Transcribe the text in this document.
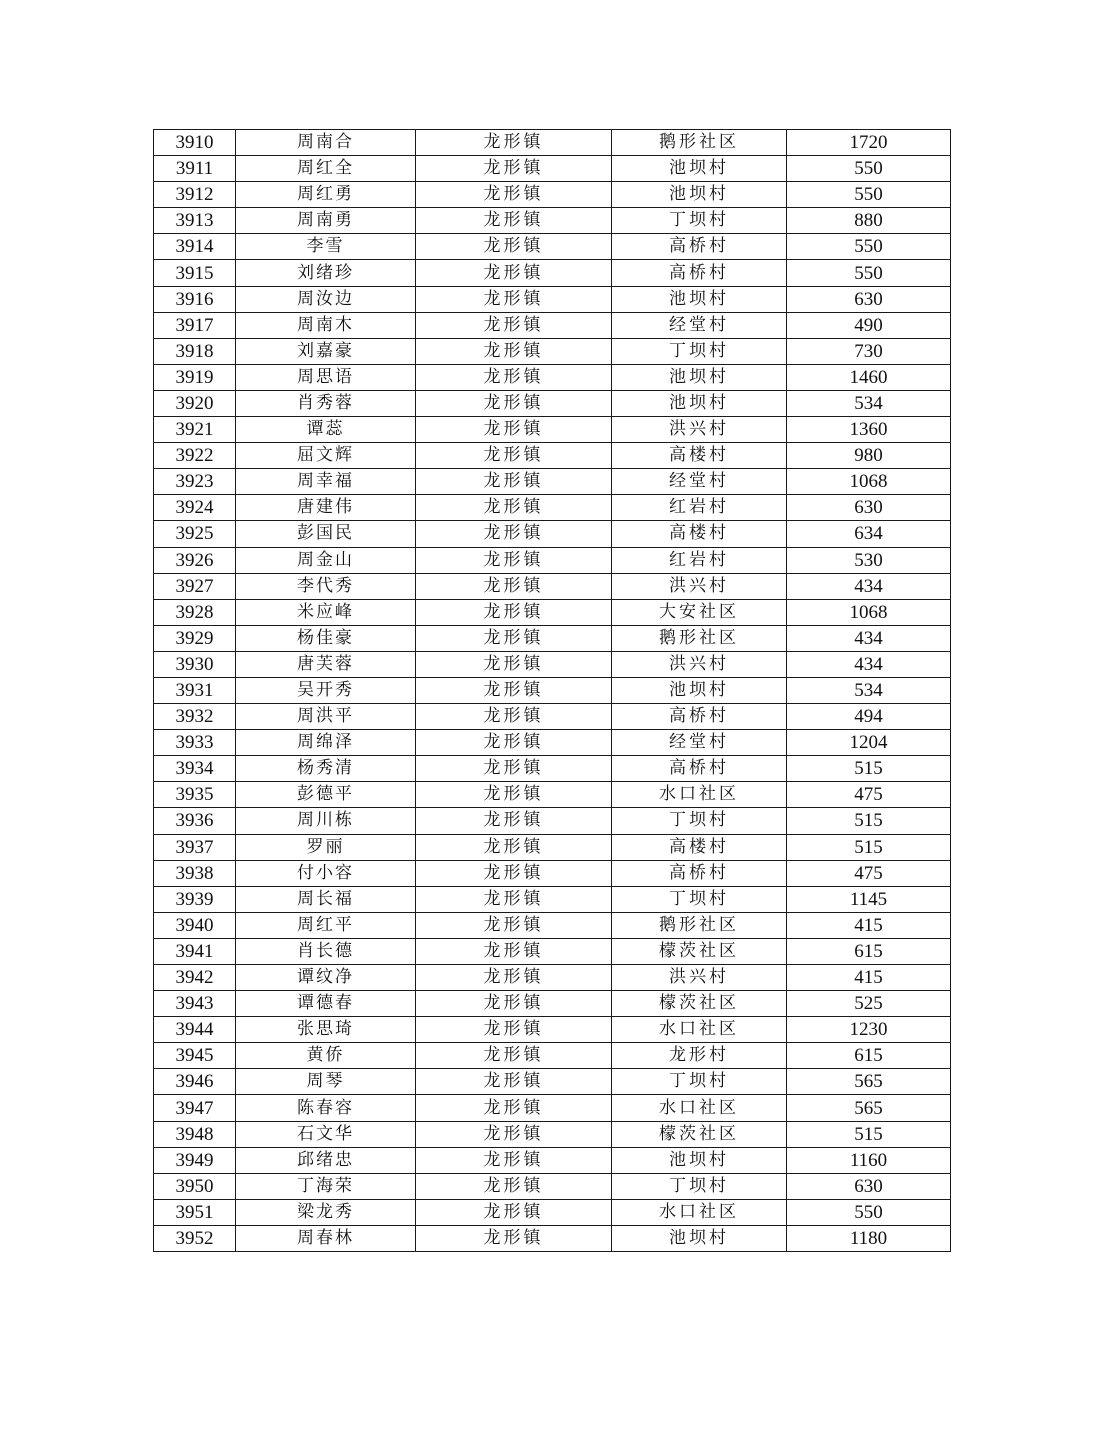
3910	周南合	龙形镇	鹅形社区	1720
3911	周红全	龙形镇	池坝村	550
3912	周红勇	龙形镇	池坝村	550
3913	周南勇	龙形镇	丁坝村	880
3914	李雪	龙形镇	高桥村	550
3915	刘绪珍	龙形镇	高桥村	550
3916	周汝边	龙形镇	池坝村	630
3917	周南木	龙形镇	经堂村	490
3918	刘嘉豪	龙形镇	丁坝村	730
3919	周思语	龙形镇	池坝村	1460
3920	肖秀蓉	龙形镇	池坝村	534
3921	谭蕊	龙形镇	洪兴村	1360
3922	屈文辉	龙形镇	高楼村	980
3923	周幸福	龙形镇	经堂村	1068
3924	唐建伟	龙形镇	红岩村	630
3925	彭国民	龙形镇	高楼村	634
3926	周金山	龙形镇	红岩村	530
3927	李代秀	龙形镇	洪兴村	434
3928	米应峰	龙形镇	大安社区	1068
3929	杨佳豪	龙形镇	鹅形社区	434
3930	唐芙蓉	龙形镇	洪兴村	434
3931	吴开秀	龙形镇	池坝村	534
3932	周洪平	龙形镇	高桥村	494
3933	周绵泽	龙形镇	经堂村	1204
3934	杨秀清	龙形镇	高桥村	515
3935	彭德平	龙形镇	水口社区	475
3936	周川栋	龙形镇	丁坝村	515
3937	罗丽	龙形镇	高楼村	515
3938	付小容	龙形镇	高桥村	475
3939	周长福	龙形镇	丁坝村	1145
3940	周红平	龙形镇	鹅形社区	415
3941	肖长德	龙形镇	檬茨社区	615
3942	谭纹净	龙形镇	洪兴村	415
3943	谭德春	龙形镇	檬茨社区	525
3944	张思琦	龙形镇	水口社区	1230
3945	黄侨	龙形镇	龙形村	615
3946	周琴	龙形镇	丁坝村	565
3947	陈春容	龙形镇	水口社区	565
3948	石文华	龙形镇	檬茨社区	515
3949	邱绪忠	龙形镇	池坝村	1160
3950	丁海荣	龙形镇	丁坝村	630
3951	梁龙秀	龙形镇	水口社区	550
3952	周春林	龙形镇	池坝村	1180
